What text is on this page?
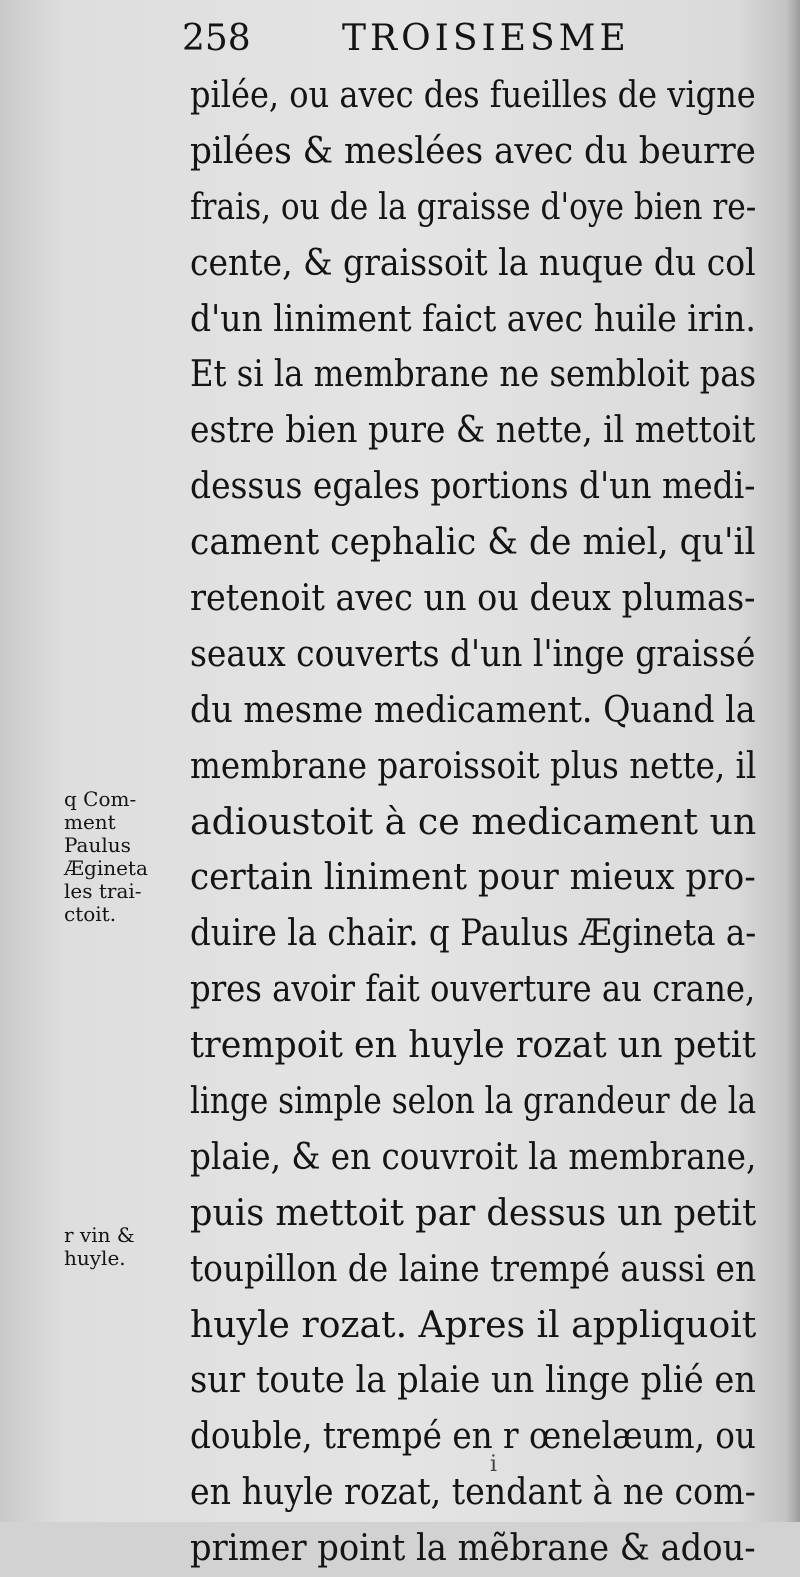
258	TROISIESME
pilée, ou avec des fueilles de vigne
pilées & meslées avec du beurre
frais, ou de la graisse d'oye bien re-
cente, & graissoit la nuque du col
d'un liniment faict avec huile irin.
Et si la membrane ne sembloit pas
estre bien pure & nette, il mettoit
dessus egales portions d'un medi-
cament cephalic & de miel, qu'il
retenoit avec un ou deux plumas-
seaux couverts d'un l'inge graissé
du mesme medicament. Quand la
membrane paroissoit plus nette, il
adioustoit à ce medicament un
certain liniment pour mieux pro-
duire la chair. q Paulus Ægineta a-
pres avoir fait ouverture au crane,
trempoit en huyle rozat un petit
linge simple selon la grandeur de la
plaie, & en couvroit la membrane,
puis mettoit par dessus un petit
toupillon de laine trempé aussi en
huyle rozat. Apres il appliquoit
sur toute la plaie un linge plié en
double, trempé en r œnelæum, ou
en huyle rozat, tendant à ne com-
primer point la mẽbrane & adou-
q Com-
ment
Paulus
Ægineta
les trai-
ctoit.
r vin &
huyle.
i
